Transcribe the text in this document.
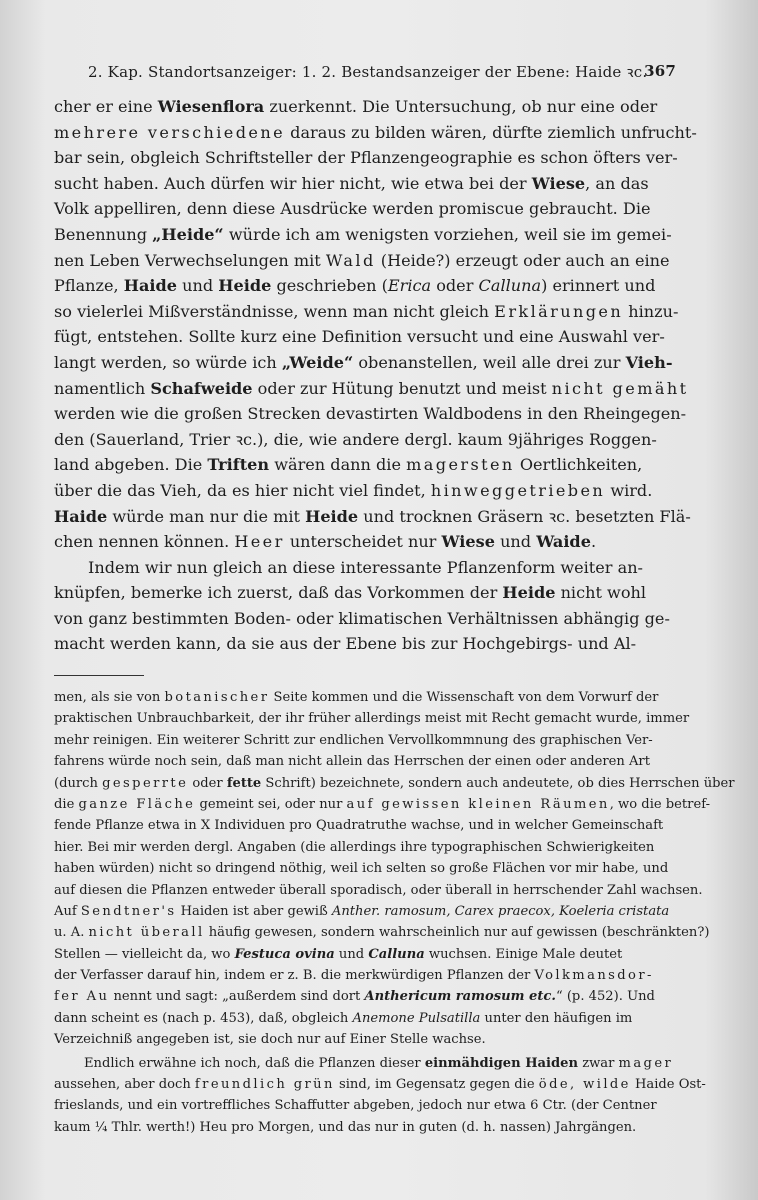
2. Kap. Standortsanzeiger: 1. 2. Bestandsanzeiger der Ebene: Haide ꝛc.
367
cher er eine Wiesenflora zuerkennt. Die Untersuchung, ob nur eine oder
mehrere verschiedene daraus zu bilden wären, dürfte ziemlich unfrucht-
bar sein, obgleich Schriftsteller der Pflanzengeographie es schon öfters ver-
sucht haben. Auch dürfen wir hier nicht, wie etwa bei der Wiese, an das
Volk appelliren, denn diese Ausdrücke werden promiscue gebraucht. Die
Benennung „Heide“ würde ich am wenigsten vorziehen, weil sie im gemei-
nen Leben Verwechselungen mit Wald (Heide?) erzeugt oder auch an eine
Pflanze, Haide und Heide geschrieben (Erica oder Calluna) erinnert und
so vielerlei Mißverständnisse, wenn man nicht gleich Erklärungen hinzu-
fügt, entstehen. Sollte kurz eine Definition versucht und eine Auswahl ver-
langt werden, so würde ich „Weide“ obenanstellen, weil alle drei zur Vieh-
namentlich Schafweide oder zur Hütung benutzt und meist nicht gemäht
werden wie die großen Strecken devastirten Waldbodens in den Rheingegen-
den (Sauerland, Trier ꝛc.), die, wie andere dergl. kaum 9jähriges Roggen-
land abgeben. Die Triften wären dann die magersten Oertlichkeiten,
über die das Vieh, da es hier nicht viel findet, hinweggetrieben wird.
Haide würde man nur die mit Heide und trocknen Gräsern ꝛc. besetzten Flä-
chen nennen können. Heer unterscheidet nur Wiese und Waide.
Indem wir nun gleich an diese interessante Pflanzenform weiter an-
knüpfen, bemerke ich zuerst, daß das Vorkommen der Heide nicht wohl
von ganz bestimmten Boden- oder klimatischen Verhältnissen abhängig ge-
macht werden kann, da sie aus der Ebene bis zur Hochgebirgs- und Al-
men, als sie von botanischer Seite kommen und die Wissenschaft von dem Vorwurf der
praktischen Unbrauchbarkeit, der ihr früher allerdings meist mit Recht gemacht wurde, immer
mehr reinigen. Ein weiterer Schritt zur endlichen Vervollkommnung des graphischen Ver-
fahrens würde noch sein, daß man nicht allein das Herrschen der einen oder anderen Art
(durch gesperrte oder fette Schrift) bezeichnete, sondern auch andeutete, ob dies Herrschen über
die ganze Fläche gemeint sei, oder nur auf gewissen kleinen Räumen, wo die betref-
fende Pflanze etwa in X Individuen pro Quadratruthe wachse, und in welcher Gemeinschaft
hier. Bei mir werden dergl. Angaben (die allerdings ihre typographischen Schwierigkeiten
haben würden) nicht so dringend nöthig, weil ich selten so große Flächen vor mir habe, und
auf diesen die Pflanzen entweder überall sporadisch, oder überall in herrschender Zahl wachsen.
Auf Sendtner's Haiden ist aber gewiß Anther. ramosum, Carex praecox, Koeleria cristata
u. A. nicht überall häufig gewesen, sondern wahrscheinlich nur auf gewissen (beschränkten?)
Stellen — vielleicht da, wo Festuca ovina und Calluna wuchsen. Einige Male deutet
der Verfasser darauf hin, indem er z. B. die merkwürdigen Pflanzen der Volkmansdor-
fer Au nennt und sagt: „außerdem sind dort Anthericum ramosum etc.“ (p. 452). Und
dann scheint es (nach p. 453), daß, obgleich Anemone Pulsatilla unter den häufigen im
Verzeichniß angegeben ist, sie doch nur auf Einer Stelle wachse.
Endlich erwähne ich noch, daß die Pflanzen dieser einmähdigen Haiden zwar mager
aussehen, aber doch freundlich grün sind, im Gegensatz gegen die öde, wilde Haide Ost-
frieslands, und ein vortreffliches Schaffutter abgeben, jedoch nur etwa 6 Ctr. (der Centner
kaum ¼ Thlr. werth!) Heu pro Morgen, und das nur in guten (d. h. nassen) Jahrgängen.
